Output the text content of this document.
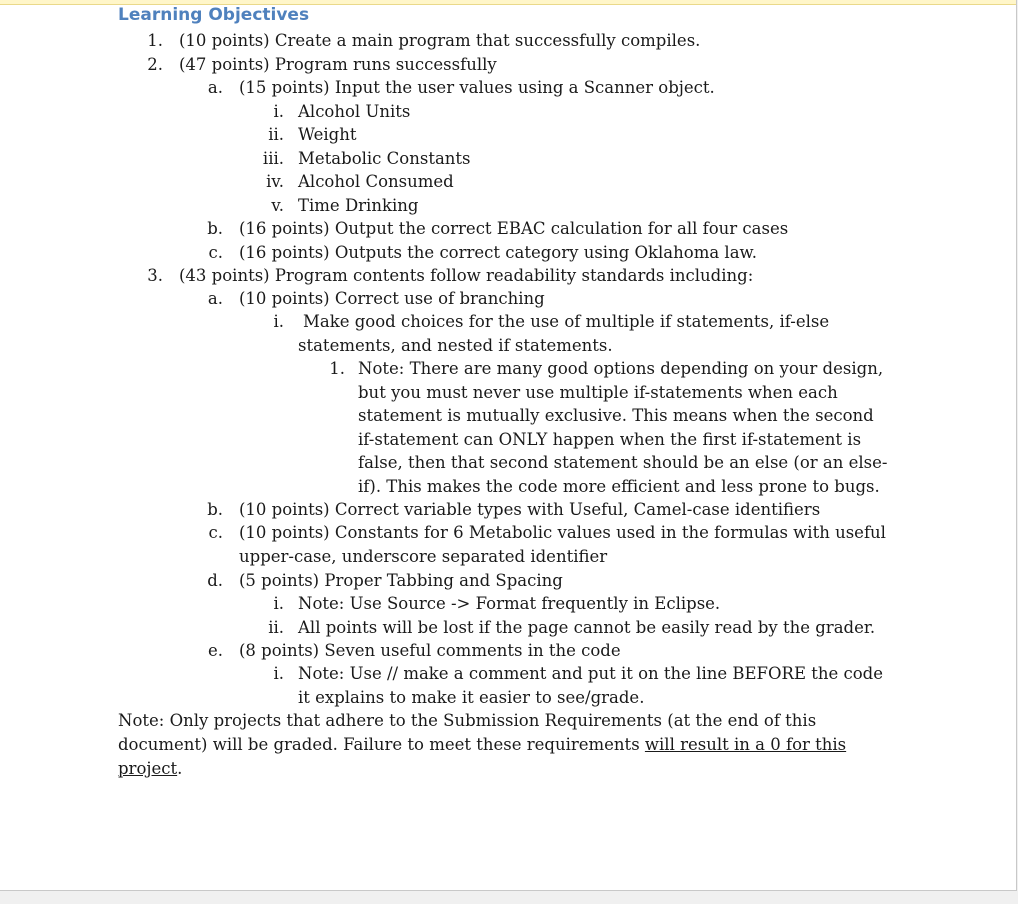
Learning Objectives
1. (10 points) Create a main program that successfully compiles.
2. (47 points) Program runs successfully
a. (15 points) Input the user values using a Scanner object.
i. Alcohol Units
ii. Weight
iii. Metabolic Constants
iv. Alcohol Consumed
v. Time Drinking
b. (16 points) Output the correct EBAC calculation for all four cases
c. (16 points) Outputs the correct category using Oklahoma law.
3. (43 points) Program contents follow readability standards including:
a. (10 points) Correct use of branching
i. Make good choices for the use of multiple if statements, if-else
statements, and nested if statements.
1. Note: There are many good options depending on your design,
but you must never use multiple if-statements when each
statement is mutually exclusive. This means when the second
if-statement can ONLY happen when the first if-statement is
false, then that second statement should be an else (or an else-
if). This makes the code more efficient and less prone to bugs.
b. (10 points) Correct variable types with Useful, Camel-case identifiers
c. (10 points) Constants for 6 Metabolic values used in the formulas with useful
upper-case, underscore separated identifier
d. (5 points) Proper Tabbing and Spacing
i. Note: Use Source -> Format frequently in Eclipse.
ii. All points will be lost if the page cannot be easily read by the grader.
e. (8 points) Seven useful comments in the code
i. Note: Use // make a comment and put it on the line BEFORE the code
it explains to make it easier to see/grade.
Note: Only projects that adhere to the Submission Requirements (at the end of this
document) will be graded. Failure to meet these requirements will result in a 0 for this
project.
